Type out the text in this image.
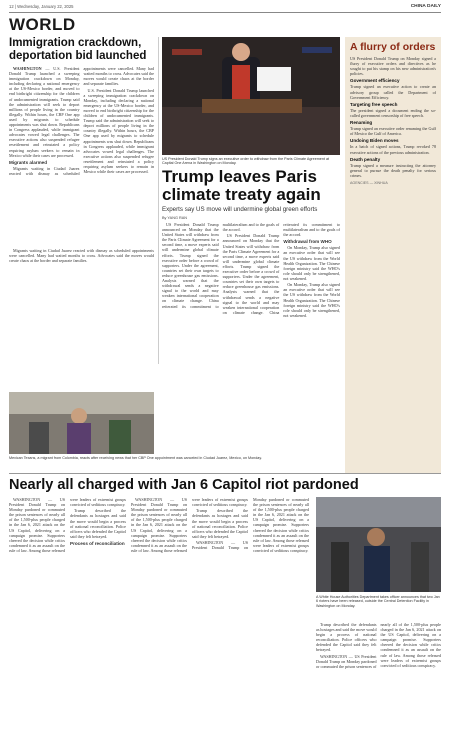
12 | Wednesday, January 22, 2025	CHINA DAILY
WORLD
Immigration crackdown, deportation bid launched

WASHINGTON — U.S. President Donald Trump launched a sweeping immigration crackdown on Monday, including declaring a national emergency at the US-Mexico border, and moved to end birthright citizenship for the children of undocumented immigrants. Trump said the administration will seek to deport millions of people living in the country illegally. Within hours, the CBP One app used by migrants to schedule appointments was shut down. Republicans in Congress applauded, while immigrant advocates vowed legal challenges. The executive actions also suspended refugee resettlement and reinstated a policy requiring asylum seekers to remain in Mexico while their cases are processed.

Migrants alarmed

Migrants waiting in Ciudad Juarez reacted with dismay as scheduled appointments were cancelled. Many had waited months to cross. Advocates said the moves would create chaos at the border and separate families.

U.S. President Donald Trump launched a sweeping immigration crackdown on Monday, including declaring a national emergency at the US-Mexico border, and moved to end birthright citizenship for the children of undocumented immigrants. Trump said the administration will seek to deport millions of people living in the country illegally. Within hours, the CBP One app used by migrants to schedule appointments was shut down. Republicans in Congress applauded, while immigrant advocates vowed legal challenges. The executive actions also suspended refugee resettlement and reinstated a policy requiring asylum seekers to remain in Mexico while their cases are processed.

Migrants waiting in Ciudad Juarez reacted with dismay as scheduled appointments were cancelled. Many had waited months to cross. Advocates said the moves would create chaos at the border and separate families.

US President Donald Trump signs an executive order to withdraw from the Paris Climate Agreement at Capital One Arena in Washington on Monday.
Trump leaves Paris climate treaty again
Experts say US move will undermine global green efforts
By YANG RAN

US President Donald Trump announced on Monday that the United States will withdraw from the Paris Climate Agreement for a second time, a move experts said will undermine global climate efforts. Trump signed the executive order before a crowd of supporters. Under the agreement, countries set their own targets to reduce greenhouse gas emissions. Analysts warned that the withdrawal sends a negative signal to the world and may weaken international cooperation on climate change. China reiterated its commitment to multilateralism and to the goals of the accord.

US President Donald Trump announced on Monday that the United States will withdraw from the Paris Climate Agreement for a second time, a move experts said will undermine global climate efforts. Trump signed the executive order before a crowd of supporters. Under the agreement, countries set their own targets to reduce greenhouse gas emissions. Analysts warned that the withdrawal sends a negative signal to the world and may weaken international cooperation on climate change. China reiterated its commitment to multilateralism and to the goals of the accord.

Withdrawal from WHO

On Monday, Trump also signed an executive order that will see the US withdraw from the World Health Organization. The Chinese foreign ministry said the WHO's role should only be strengthened, not weakened.

On Monday, Trump also signed an executive order that will see the US withdraw from the World Health Organization. The Chinese foreign ministry said the WHO's role should only be strengthened, not weakened.

A flurry of orders

US President Donald Trump on Monday signed a flurry of executive orders and directives as he sought to put his stamp on his new administration's policies.

Government efficiency

Trump signed an executive action to create an advisory group called the Department of Government Efficiency.

Targeting free speech

The president signed a document ending the so-called government censorship of free speech.

Renaming

Trump signed an executive order renaming the Gulf of Mexico the Gulf of America.

Undoing Biden moves

In a batch of signed actions, Trump revoked 78 executive actions of the previous administration.

Death penalty

Trump signed a measure instructing the attorney general to pursue the death penalty for serious crimes.

AGENCIES — XINHUA

Mexican Texans, a migrant from Colombia, reacts after receiving news that her CBP One appointment was canceled in Ciudad Juarez, Mexico, on Monday.
Nearly all charged with Jan 6 Capitol riot pardoned

WASHINGTON — US President Donald Trump on Monday pardoned or commuted the prison sentences of nearly all of the 1,500-plus people charged in the Jan 6, 2021 attack on the US Capitol, delivering on a campaign promise. Supporters cheered the decision while critics condemned it as an assault on the rule of law. Among those released were leaders of extremist groups convicted of seditious conspiracy.

Trump described the defendants as hostages and said the move would begin a process of national reconciliation. Police officers who defended the Capitol said they felt betrayed.

Process of reconciliation

WASHINGTON — US President Donald Trump on Monday pardoned or commuted the prison sentences of nearly all of the 1,500-plus people charged in the Jan 6, 2021 attack on the US Capitol, delivering on a campaign promise. Supporters cheered the decision while critics condemned it as an assault on the rule of law. Among those released were leaders of extremist groups convicted of seditious conspiracy.

Trump described the defendants as hostages and said the move would begin a process of national reconciliation. Police officers who defended the Capitol said they felt betrayed.

WASHINGTON — US President Donald Trump on Monday pardoned or commuted the prison sentences of nearly all of the 1,500-plus people charged in the Jan 6, 2021 attack on the US Capitol, delivering on a campaign promise. Supporters cheered the decision while critics condemned it as an assault on the rule of law. Among those released were leaders of extremist groups convicted of seditious conspiracy.

A White House Authorities Department takes officer announces that two Jan 6 rioters have been released, outside the Central Detention Facility in Washington on Monday.

Trump described the defendants as hostages and said the move would begin a process of national reconciliation. Police officers who defended the Capitol said they felt betrayed.

WASHINGTON — US President Donald Trump on Monday pardoned or commuted the prison sentences of nearly all of the 1,500-plus people charged in the Jan 6, 2021 attack on the US Capitol, delivering on a campaign promise. Supporters cheered the decision while critics condemned it as an assault on the rule of law. Among those released were leaders of extremist groups convicted of seditious conspiracy.
